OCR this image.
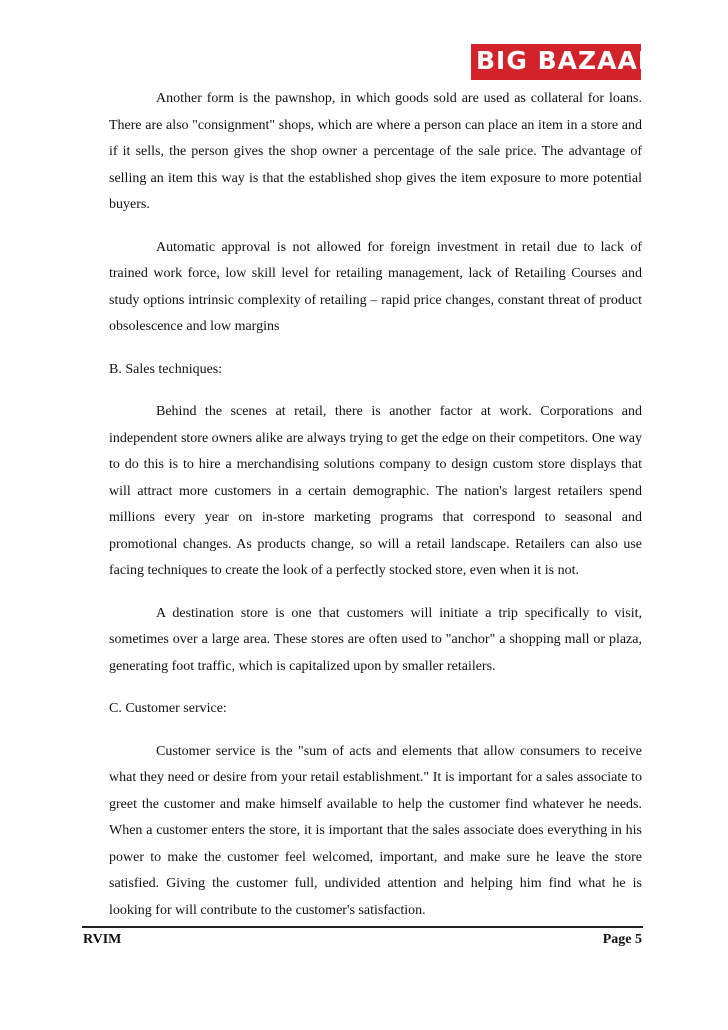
BIG BAZAAR

Another form is the pawnshop, in which goods sold are used as collateral for loans. There are also "consignment" shops, which are where a person can place an item in a store and if it sells, the person gives the shop owner a percentage of the sale price. The advantage of selling an item this way is that the established shop gives the item exposure to more potential buyers.

Automatic approval is not allowed for foreign investment in retail due to lack of trained work force, low skill level for retailing management, lack of Retailing Courses and study options intrinsic complexity of retailing – rapid price changes, constant threat of product obsolescence and low margins

B. Sales techniques:

Behind the scenes at retail, there is another factor at work. Corporations and independent store owners alike are always trying to get the edge on their competitors. One way to do this is to hire a merchandising solutions company to design custom store displays that will attract more customers in a certain demographic. The nation's largest retailers spend millions every year on in-store marketing programs that correspond to seasonal and promotional changes. As products change, so will a retail landscape. Retailers can also use facing techniques to create the look of a perfectly stocked store, even when it is not.

A destination store is one that customers will initiate a trip specifically to visit, sometimes over a large area. These stores are often used to "anchor" a shopping mall or plaza, generating foot traffic, which is capitalized upon by smaller retailers.

C. Customer service:

Customer service is the "sum of acts and elements that allow consumers to receive what they need or desire from your retail establishment." It is important for a sales associate to greet the customer and make himself available to help the customer find whatever he needs. When a customer enters the store, it is important that the sales associate does everything in his power to make the customer feel welcomed, important, and make sure he leave the store satisfied. Giving the customer full, undivided attention and helping him find what he is looking for will contribute to the customer's satisfaction.

RVIM	Page 5
